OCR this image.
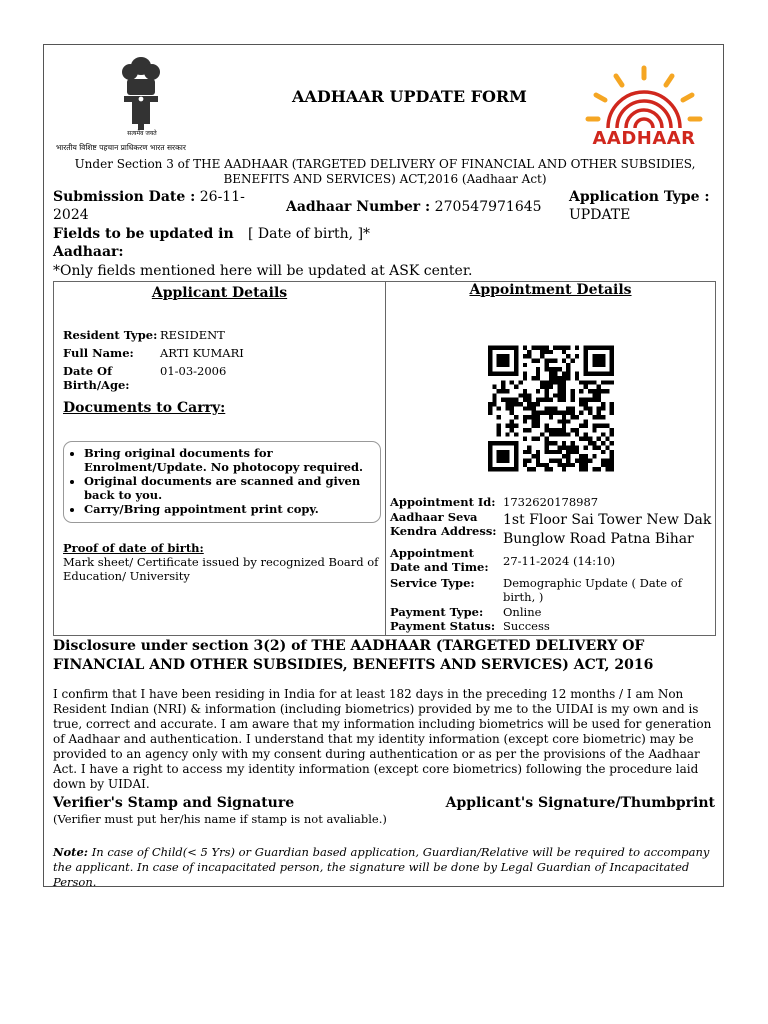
सत्यमेव जयते
भारतीय विशिष्ट पहचान प्राधिकरण भारत सरकार
AADHAAR UPDATE FORM
AADHAAR
Under Section 3 of THE AADHAAR (TARGETED DELIVERY OF FINANCIAL AND OTHER SUBSIDIES, BENEFITS AND SERVICES) ACT,2016 (Aadhaar Act)
Submission Date : 26-11-2024	Aadhaar Number : 270547971645
Application Type :
UPDATE
Fields to be updated in Aadhaar:
[ Date of birth, ]*
*Only fields mentioned here will be updated at ASK center.
Applicant Details
Resident Type: RESIDENT
Full Name: ARTI KUMARI
Date Of Birth/Age:
01-03-2006
Documents to Carry:
• Bring original documents for Enrolment/Update. No photocopy required.
• Original documents are scanned and given back to you.
• Carry/Bring appointment print copy.
Proof of date of birth:
Mark sheet/ Certificate issued by recognized Board of Education/ University
Appointment Details
Appointment Id: 1732620178987
Aadhaar Seva Kendra Address:
1st Floor Sai Tower New Dak Bunglow Road Patna Bihar
Appointment Date and Time:	27-11-2024 (14:10)
Service Type: Demographic Update ( Date of birth, )
Payment Type: Online
Payment Status: Success
Disclosure under section 3(2) of THE AADHAAR (TARGETED DELIVERY OF FINANCIAL AND OTHER SUBSIDIES, BENEFITS AND SERVICES) ACT, 2016
I confirm that I have been residing in India for at least 182 days in the preceding 12 months / I am Non Resident Indian (NRI) & information (including biometrics) provided by me to the UIDAI is my own and is true, correct and accurate. I am aware that my information including biometrics will be used for generation of Aadhaar and authentication. I understand that my identity information (except core biometric) may be provided to an agency only with my consent during authentication or as per the provisions of the Aadhaar Act. I have a right to access my identity information (except core biometrics) following the procedure laid down by UIDAI.
Verifier's Stamp and Signature
(Verifier must put her/his name if stamp is not avaliable.)
Applicant's Signature/Thumbprint
Note: In case of Child(< 5 Yrs) or Guardian based application, Guardian/Relative will be required to accompany the applicant. In case of incapacitated person, the signature will be done by Legal Guardian of Incapacitated Person.
